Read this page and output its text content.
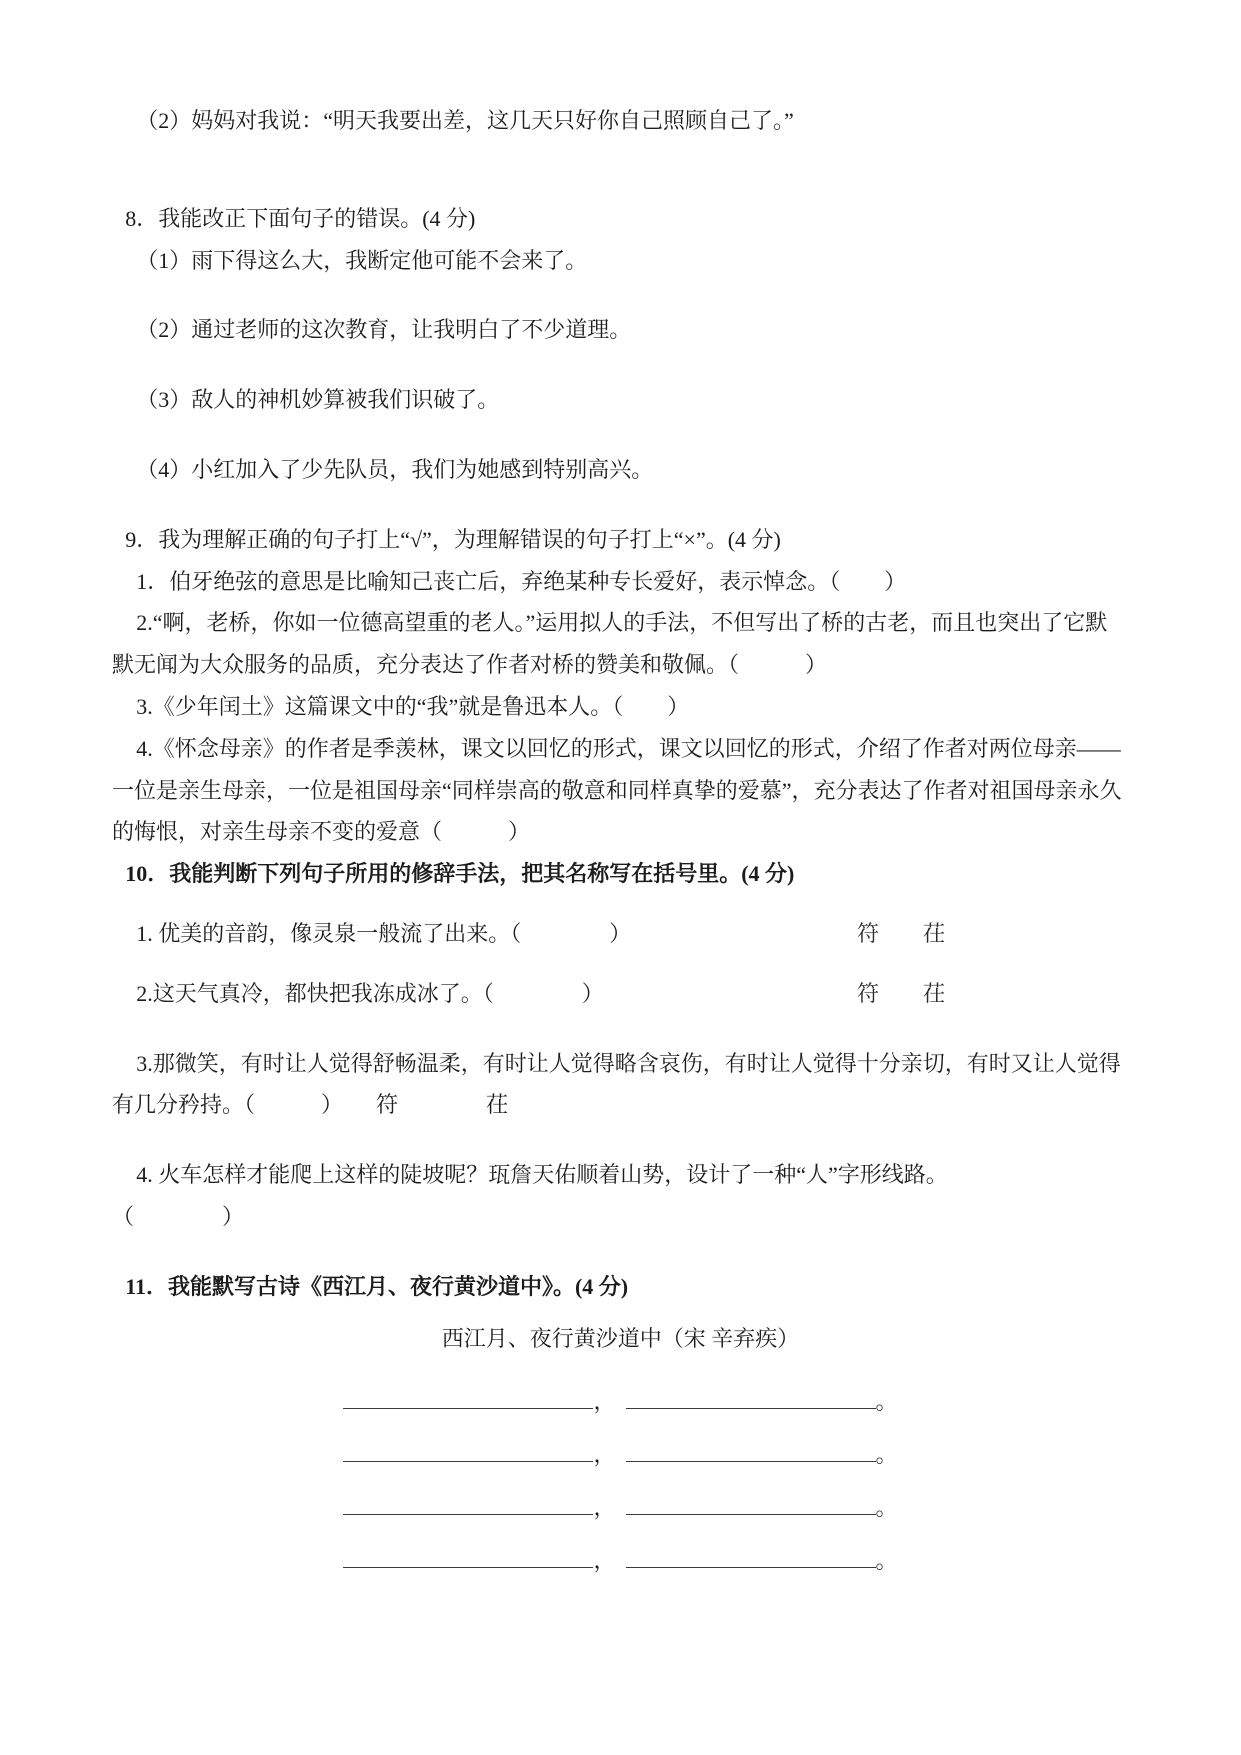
（2）妈妈对我说：“明天我要出差，这几天只好你自己照顾自己了。”

8．我能改正下面句子的错误。(4 分)

（1）雨下得这么大，我断定他可能不会来了。

（2）通过老师的这次教育，让我明白了不少道理。

（3）敌人的神机妙算被我们识破了。

（4）小红加入了少先队员，我们为她感到特别高兴。

9．我为理解正确的句子打上“√”，为理解错误的句子打上“×”。(4 分)

1．伯牙绝弦的意思是比喻知己丧亡后，弃绝某种专长爱好，表示悼念。（　　）

2.“啊，老桥，你如一位德高望重的老人。”运用拟人的手法，不但写出了桥的古老，而且也突出了它默默无闻为大众服务的品质，充分表达了作者对桥的赞美和敬佩。（　　　）

3.《少年闰土》这篇课文中的“我”就是鲁迅本人。（　　）

4.《怀念母亲》的作者是季羡林，课文以回忆的形式，课文以回忆的形式，介绍了作者对两位母亲——一位是亲生母亲，一位是祖国母亲“同样崇高的敬意和同样真挚的爱慕”，充分表达了作者对祖国母亲永久的悔恨，对亲生母亲不变的爱意（　　　）

10．我能判断下列句子所用的修辞手法，把其名称写在括号里。(4 分)

1. 优美的音韵，像灵泉一般流了出来。（　　　　）	符茌
2.这天气真冷，都快把我冻成冰了。（　　　　）	符茌

3.那微笑，有时让人觉得舒畅温柔，有时让人觉得略含哀伤，有时让人觉得十分亲切，有时又让人觉得有几分矜持。（　　　）　　符　　　　茌

4. 火车怎样才能爬上这样的陡坡呢？珁詹天佑顺着山势，设计了一种“人”字形线路。

（　　　　）

11．我能默写古诗《西江月、夜行黄沙道中》。(4 分)

西江月、夜行黄沙道中（宋 辛弃疾）

，	。

，	。

，	。

，	。
